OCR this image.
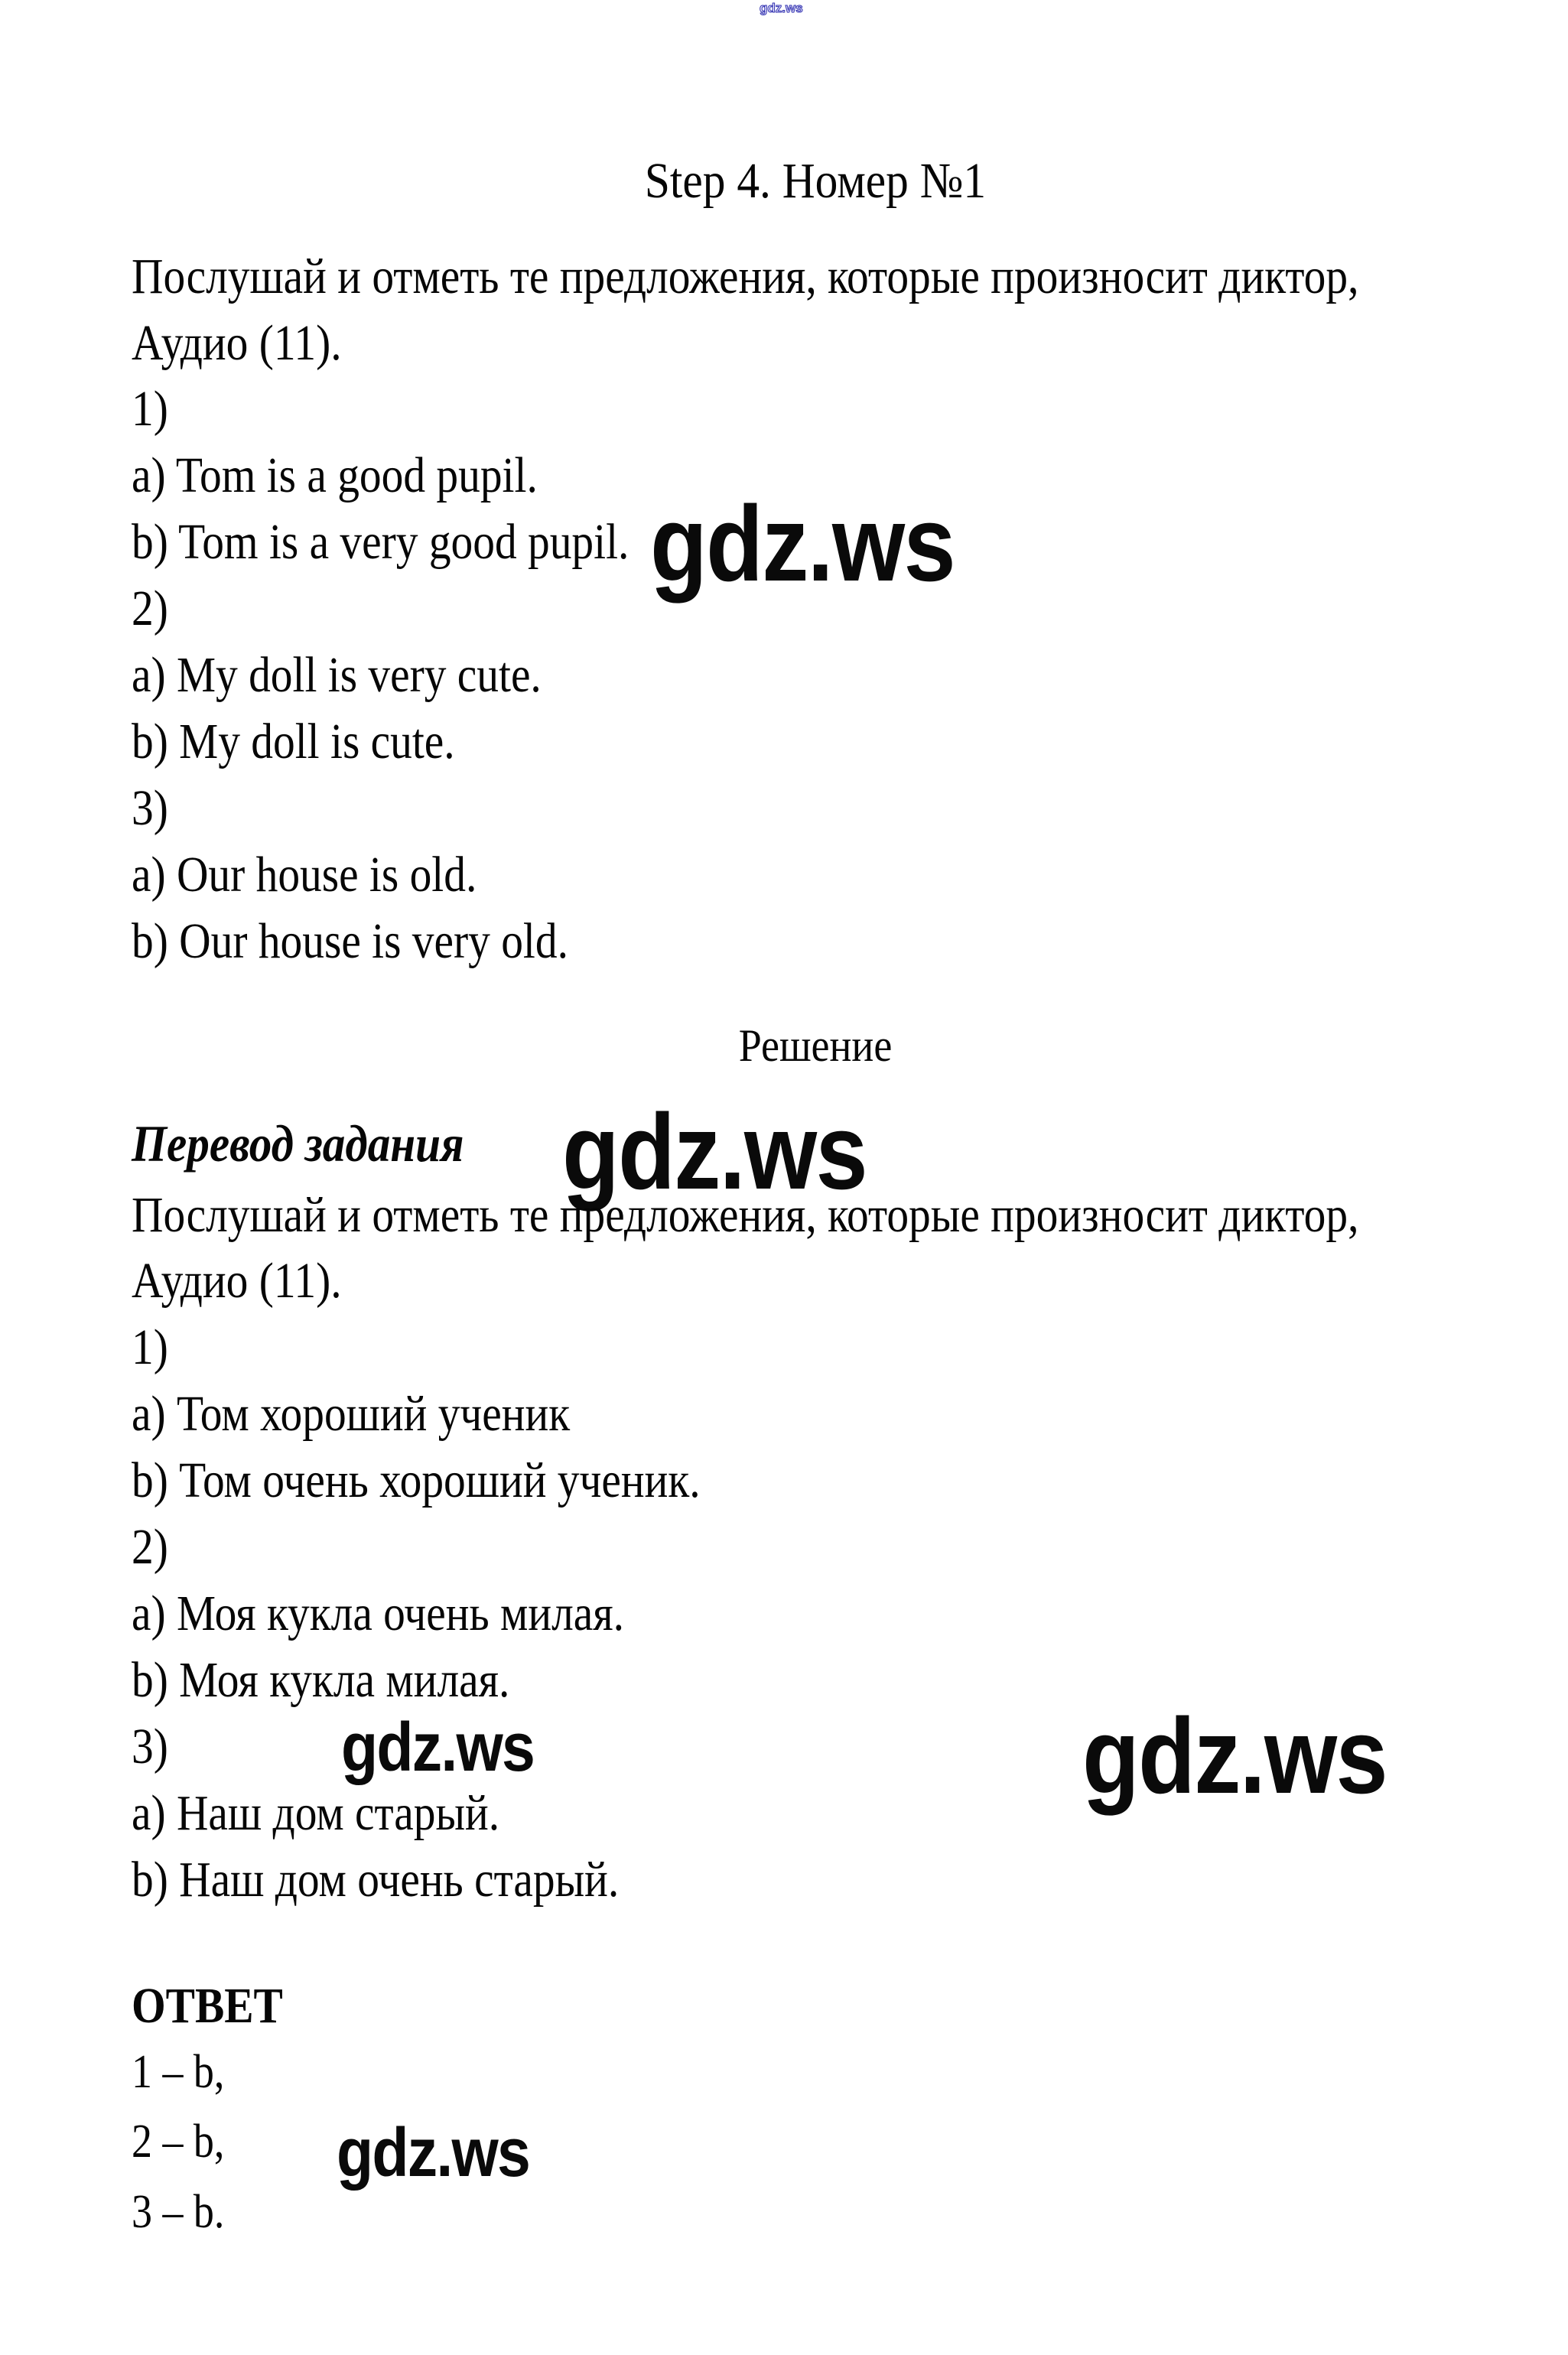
gdz.ws
Step 4. Номер №1
Послушай и отметь те предложения, которые произносит диктор,
Аудио (11).
1)
a) Tom is a good pupil.
b) Tom is a very good pupil. gdz.ws
2)
a) My doll is very cute.
b) My doll is cute.
3)
a) Our house is old.
b) Our house is very old.
Решение
Перевод задания gdz.ws
Послушай и отметь те предложения, которые произносит диктор,
Аудио (11).
1)
a) Том хороший ученик
b) Том очень хороший ученик.
2)
a) Моя кукла очень милая.
b) Моя кукла милая.
3)	gdz.ws	gdz.ws
a) Наш дом старый.
b) Наш дом очень старый.
ОТВЕТ
1 – b,
2 – b, gdz.ws
3 – b.
